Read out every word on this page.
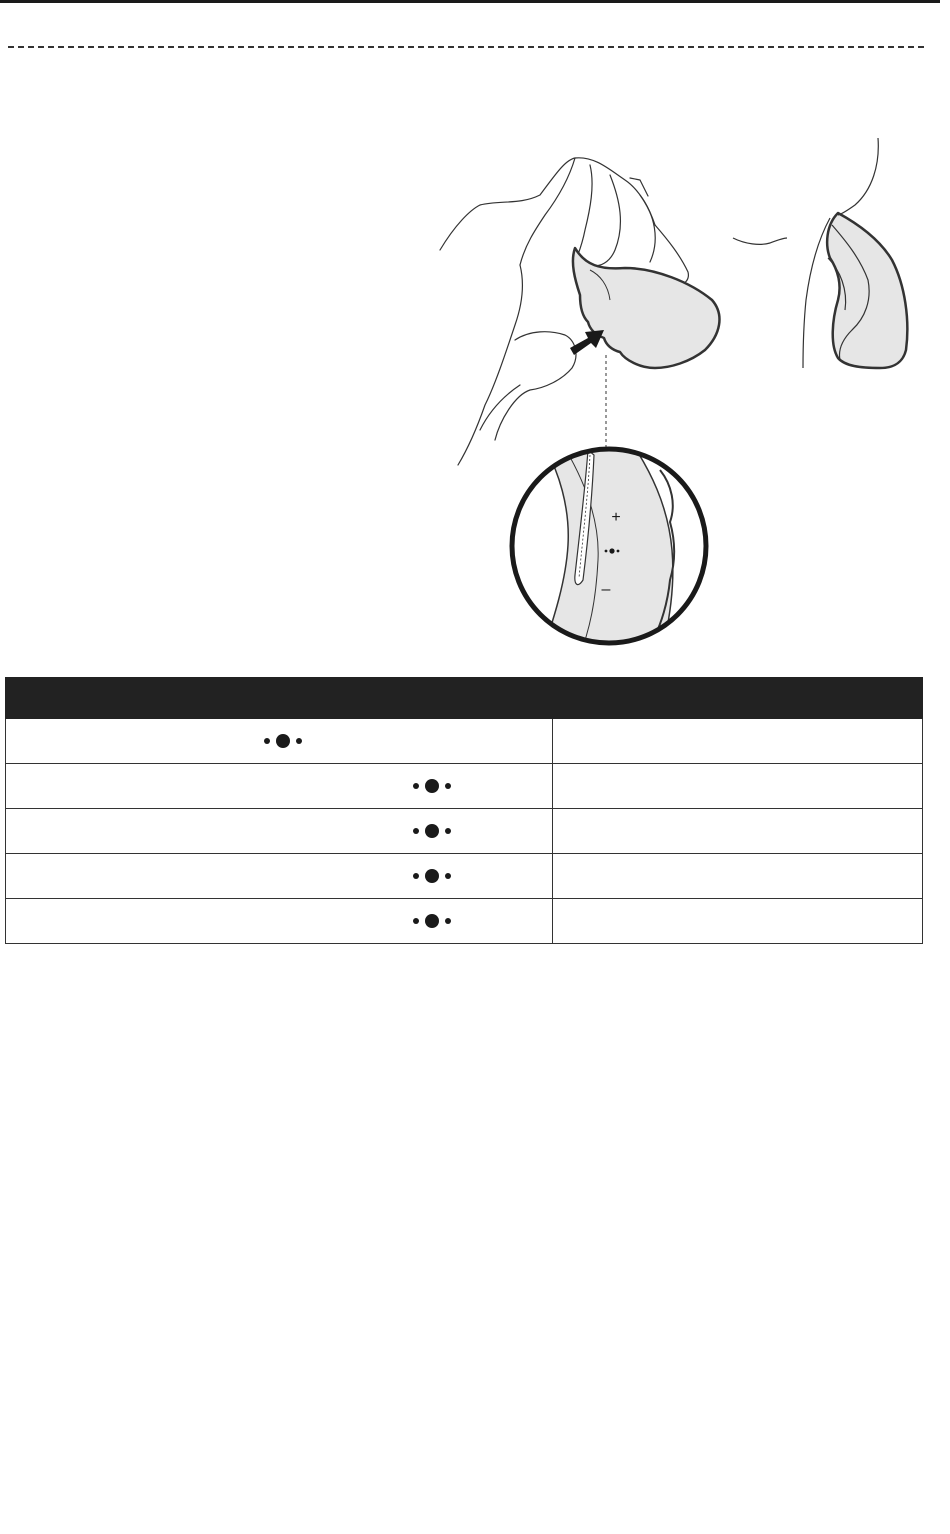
+
–
